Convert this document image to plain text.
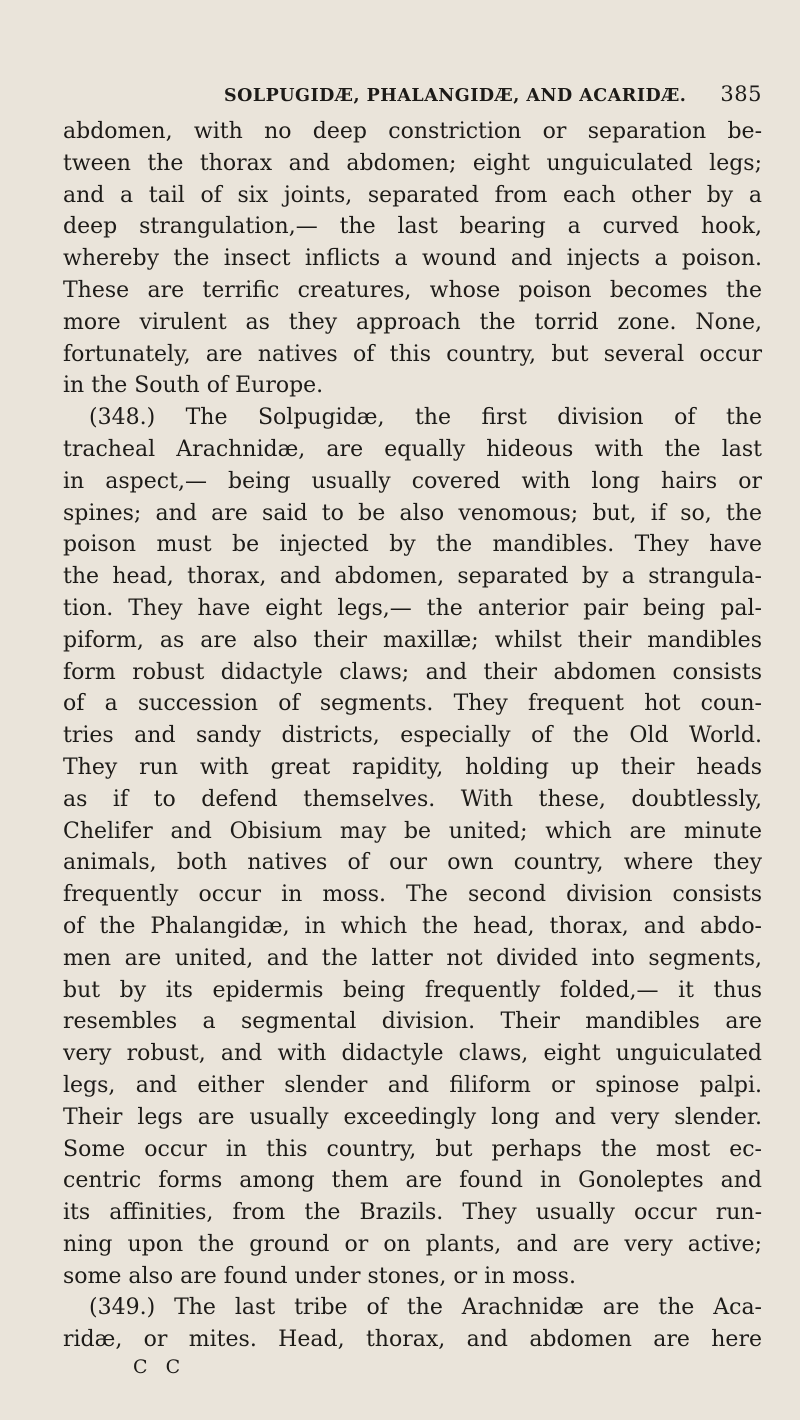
SOLPUGIDÆ, PHALANGIDÆ, AND ACARIDÆ. 385
abdomen, with no deep constriction or separation be-
tween the thorax and abdomen; eight unguiculated legs;
and a tail of six joints, separated from each other by a
deep strangulation,— the last bearing a curved hook,
whereby the insect inflicts a wound and injects a poison.
These are terrific creatures, whose poison becomes the
more virulent as they approach the torrid zone. None,
fortunately, are natives of this country, but several occur
in the South of Europe.
(348.) The Solpugidæ, the first division of the
tracheal Arachnidæ, are equally hideous with the last
in aspect,— being usually covered with long hairs or
spines; and are said to be also venomous; but, if so, the
poison must be injected by the mandibles. They have
the head, thorax, and abdomen, separated by a strangula-
tion. They have eight legs,— the anterior pair being pal-
piform, as are also their maxillæ; whilst their mandibles
form robust didactyle claws; and their abdomen consists
of a succession of segments. They frequent hot coun-
tries and sandy districts, especially of the Old World.
They run with great rapidity, holding up their heads
as if to defend themselves. With these, doubtlessly,
Chelifer and Obisium may be united; which are minute
animals, both natives of our own country, where they
frequently occur in moss. The second division consists
of the Phalangidæ, in which the head, thorax, and abdo-
men are united, and the latter not divided into segments,
but by its epidermis being frequently folded,— it thus
resembles a segmental division. Their mandibles are
very robust, and with didactyle claws, eight unguiculated
legs, and either slender and filiform or spinose palpi.
Their legs are usually exceedingly long and very slender.
Some occur in this country, but perhaps the most ec-
centric forms among them are found in Gonoleptes and
its affinities, from the Brazils. They usually occur run-
ning upon the ground or on plants, and are very active;
some also are found under stones, or in moss.
(349.) The last tribe of the Arachnidæ are the Aca-
ridæ, or mites. Head, thorax, and abdomen are here
C C
